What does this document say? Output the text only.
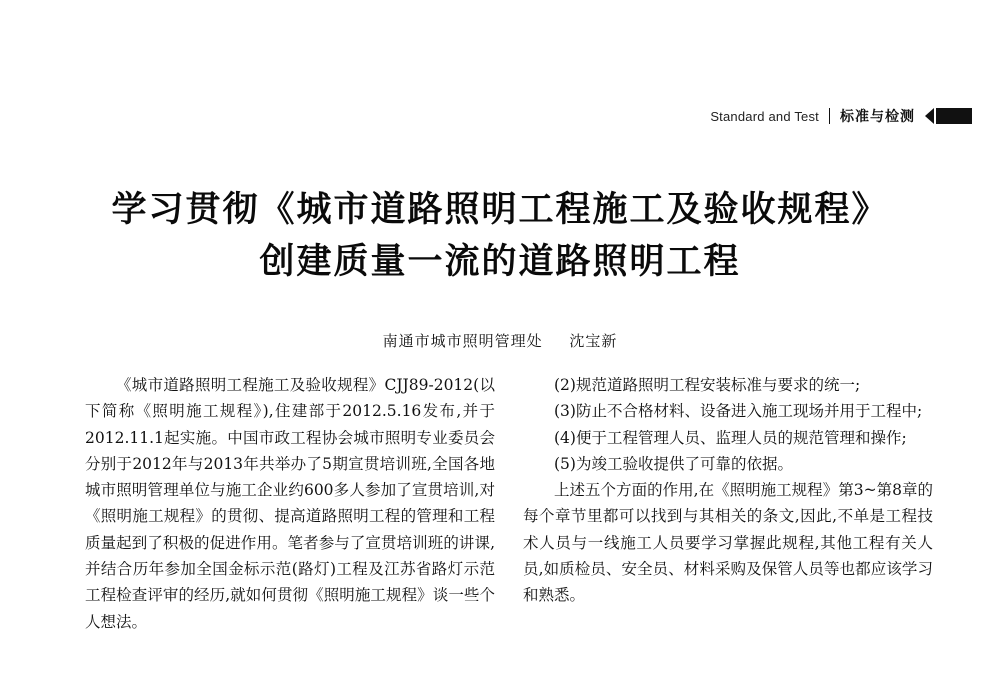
Standard and Test 标准与检测
学习贯彻《城市道路照明工程施工及验收规程》
创建质量一流的道路照明工程
南通市城市照明管理处 沈宝新

《城市道路照明工程施工及验收规程》CJJ89-2012(以下简称《照明施工规程》),住建部于2012.5.16发布,并于2012.11.1起实施。中国市政工程协会城市照明专业委员会分别于2012年与2013年共举办了5期宣贯培训班,全国各地城市照明管理单位与施工企业约600多人参加了宣贯培训,对《照明施工规程》的贯彻、提高道路照明工程的管理和工程质量起到了积极的促进作用。笔者参与了宣贯培训班的讲课,并结合历年参加全国金标示范(路灯)工程及江苏省路灯示范工程检查评审的经历,就如何贯彻《照明施工规程》谈一些个人想法。

(2)规范道路照明工程安装标准与要求的统一;

(3)防止不合格材料、设备进入施工现场并用于工程中;

(4)便于工程管理人员、监理人员的规范管理和操作;

(5)为竣工验收提供了可靠的依据。

上述五个方面的作用,在《照明施工规程》第3~第8章的每个章节里都可以找到与其相关的条文,因此,不单是工程技术人员与一线施工人员要学习掌握此规程,其他工程有关人员,如质检员、安全员、材料采购及保管人员等也都应该学习和熟悉。
